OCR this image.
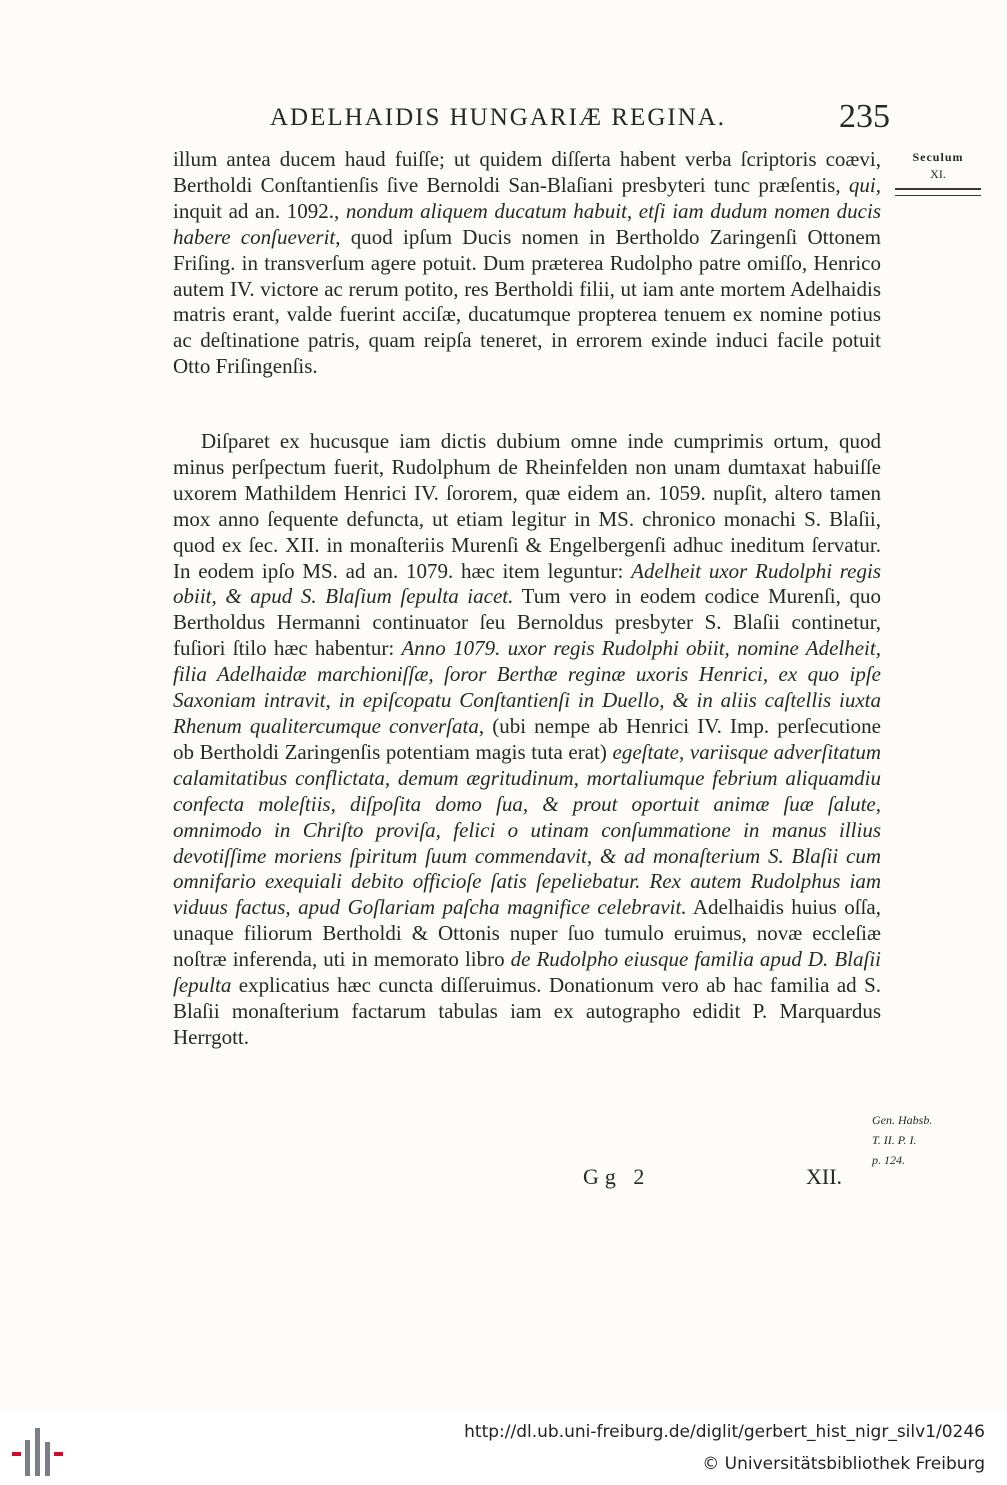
ADELHAIDIS HUNGARIÆ REGINA.	235
Seculum
XI.

illum antea ducem haud fuiſſe; ut quidem diſſerta habent verba ſcriptoris coævi, Bertholdi Conſtantienſis ſive Bernoldi San-Blaſiani presbyteri tunc præſentis, qui, inquit ad an. 1092., nondum aliquem ducatum habuit, etſi iam dudum nomen ducis habere conſueverit, quod ipſum Ducis nomen in Bertholdo Zaringenſi Ottonem Friſing. in transverſum agere potuit. Dum præterea Rudolpho patre omiſſo, Henrico autem IV. victore ac rerum potito, res Bertholdi filii, ut iam ante mortem Adelhaidis matris erant, valde fuerint acciſæ, ducatumque propterea tenuem ex nomine potius ac deſtinatione patris, quam reipſa teneret, in errorem exinde induci facile potuit Otto Friſingenſis.

Diſparet ex hucusque iam dictis dubium omne inde cumprimis ortum, quod minus perſpectum fuerit, Rudolphum de Rheinfelden non unam dumtaxat habuiſſe uxorem Mathildem Henrici IV. ſororem, quæ eidem an. 1059. nupſit, altero tamen mox anno ſequente defuncta, ut etiam legitur in MS. chronico monachi S. Blaſii, quod ex ſec. XII. in monaſteriis Murenſi & Engelbergenſi adhuc ineditum ſervatur. In eodem ipſo MS. ad an. 1079. hæc item leguntur: Adelheit uxor Rudolphi regis obiit, & apud S. Blaſium ſepulta iacet. Tum vero in eodem codice Murenſi, quo Bertholdus Hermanni continuator ſeu Bernoldus presbyter S. Blaſii continetur, fuſiori ſtilo hæc habentur: Anno 1079. uxor regis Rudolphi obiit, nomine Adelheit, filia Adelhaidæ marchioniſſæ, ſoror Berthæ reginæ uxoris Henrici, ex quo ipſe Saxoniam intravit, in epiſcopatu Conſtantienſi in Duello, & in aliis caſtellis iuxta Rhenum qualitercumque converſata, (ubi nempe ab Henrici IV. Imp. perſecutione ob Bertholdi Zaringenſis potentiam magis tuta erat) egeſtate, variisque adverſitatum calamitatibus conflictata, demum ægritudinum, mortaliumque febrium aliquamdiu confecta moleſtiis, diſpoſita domo ſua, & prout oportuit animæ ſuæ ſalute, omnimodo in Chriſto proviſa, felici o utinam conſummatione in manus illius devotiſſime moriens ſpiritum ſuum commendavit, & ad monaſterium S. Blaſii cum omnifario exequiali debito officioſe ſatis ſepeliebatur. Rex autem Rudolphus iam viduus factus, apud Goſlariam paſcha magnifice celebravit. Adelhaidis huius oſſa, unaque filiorum Bertholdi & Ottonis nuper ſuo tumulo eruimus, novæ eccleſiæ noſtræ inferenda, uti in memorato libro de Rudolpho eiusque familia apud D. Blaſii ſepulta explicatius hæc cuncta diſſeruimus. Donationum vero ab hac familia ad S. Blaſii monaſterium factarum tabulas iam ex autographo edidit P. Marquardus Herrgott.

Gen. Habsb.
T. II. P. I.
p. 124.
Gg 2	XII.
http://dl.ub.uni-freiburg.de/diglit/gerbert_hist_nigr_silv1/0246
© Universitätsbibliothek Freiburg
